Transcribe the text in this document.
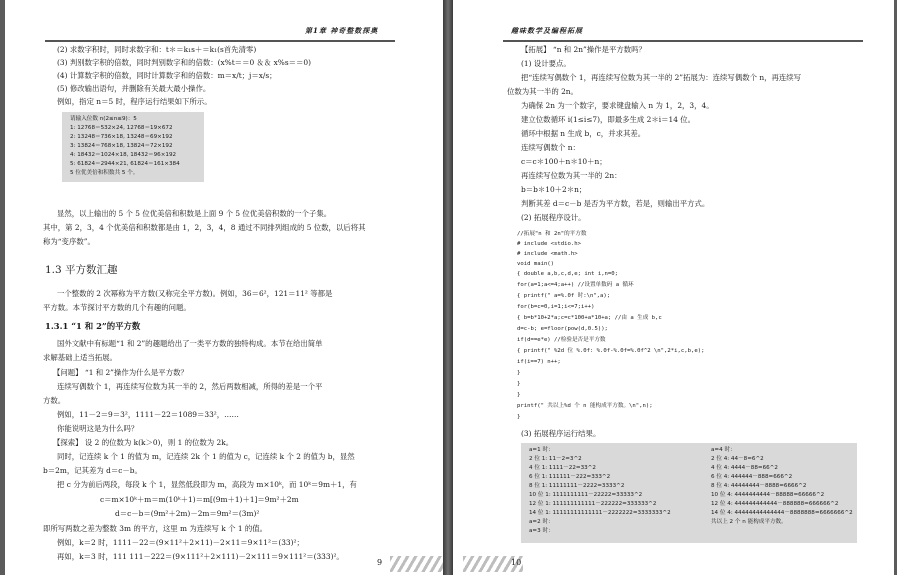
第1章 神奇整数探奥
(2) 求数字积时，同时求数字和：t＊＝k₁s＋＝k₁(s首先清零)
(3) 判别数字积的倍数，同时判别数字和的倍数：(x%t＝＝0 ＆＆ x%s＝＝0)
(4) 计算数字积的倍数，同时计算数字和的倍数：m＝x/t；j＝x/s；
(5) 修改输出语句，并删除有关最大最小操作。
例如，指定 n＝5 时，程序运行结果如下所示。
请输入位数 n(2≤n≤9)：5
1: 12768＝532×24, 12768＝19×672
2: 13248＝736×18, 13248＝69×192
3: 13824＝768×18, 13824＝72×192
4: 18432＝1024×18, 18432＝96×192
5: 61824＝2944×21, 61824＝161×384
5 位优美倍和积数共 5 个。
显然，以上输出的 5 个 5 位优美倍和积数是上面 9 个 5 位优美倍积数的一个子集。
其中，第 2，3，4 个优美倍和积数都是由 1，2，3，4，8 通过不同排列组成的 5 位数，以后将其
称为“变序数”。
1.3 平方数汇趣
一个整数的 2 次幂称为平方数(又称完全平方数)。例如，36＝6²，121＝11² 等都是
平方数。本节探讨平方数的几个有趣的问题。
1.3.1 “1 和 2”的平方数
国外文献中有标题“1 和 2”的趣题给出了一类平方数的独特构成。本节在给出简单
求解基础上适当拓展。
【问题】 “1 和 2”操作为什么是平方数？
连续写偶数个 1，再连续写位数为其一半的 2，然后两数相减，所得的差是一个平
方数。
例如，11－2＝9＝3²，1111－22＝1089＝33²，……
你能说明这是为什么吗？
【探索】 设 2 的位数为 k(k＞0)，则 1 的位数为 2k。
同时，记连续 k 个 1 的值为 m，记连续 2k 个 1 的值为 c，记连续 k 个 2 的值为 b，显然
b＝2m，记其差为 d＝c－b。
把 c 分为前后两段，每段 k 个 1，显然低段即为 m，高段为 m×10ᵏ，而 10ᵏ＝9m＋1，有
c＝m×10ᵏ＋m＝m(10ᵏ＋1)＝m[(9m＋1)＋1]＝9m²＋2m
d＝c－b＝(9m²＋2m)－2m＝9m²＝(3m)²
即所写两数之差为整数 3m 的平方，这里 m 为连续写 k 个 1 的值。
例如，k＝2 时，1111－22＝(9×11²＋2×11)－2×11＝9×11²＝(33)²；
再如，k＝3 时，111 111－222＝(9×111²＋2×111)－2×111＝9×111²＝(333)²。
9
趣味数学及编程拓展
【拓展】 “n 和 2n”操作是平方数吗？
(1) 设计要点。
把“连续写偶数个 1，再连续写位数为其一半的 2”拓展为：连续写偶数个 n，再连续写
位数为其一半的 2n。
为确保 2n 为一个数字，要求键盘输入 n 为 1，2，3，4。
建立位数循环 i(1≤i≤7)，即最多生成 2＊i＝14 位。
循环中根据 n 生成 b，c，并求其差。
连续写偶数个 n：
c＝c＊100＋n＊10＋n；
再连续写位数为其一半的 2n：
b＝b＊10＋2＊n；
判断其差 d＝c－b 是否为平方数，若是，则输出平方式。
(2) 拓展程序设计。
//拓展"n 和 2n"的平方数
# include <stdio.h>
# include <math.h>
void main()
{ double a,b,c,d,e; int i,n=0;
for(a=1;a<=4;a++) //设置单数码 a 循环
{ printf(" a=%.0f 时:\n",a);
for(b=c=0,i=1;i<=7;i++)
{ b=b*10+2*a;c=c*100+a*10+a; //由 a 生成 b,c
d=c-b; e=floor(pow(d,0.5));
if(d==e*e) //检验是否是平方数
{ printf(" %2d 位 %.0f: %.0f-%.0f=%.0f^2 \n",2*i,c,b,e);
if(i==7) n++;
}
}
}
printf(" 共以上%d 个 n 能构成平方数。\n",n);
}
(3) 拓展程序运行结果。
a=1 时：
2 位 1: 11－2=3^2
4 位 1: 1111－22=33^2
6 位 1: 111111－222=333^2
8 位 1: 11111111－2222=3333^2
10 位 1: 1111111111－22222=33333^2
12 位 1: 111111111111－222222=333333^2
14 位 1: 11111111111111－2222222=3333333^2
a=2 时：
a=3 时：
a=4 时：
2 位 4: 44－8=6^2
4 位 4: 4444－88=66^2
6 位 4: 444444－888=666^2
8 位 4: 44444444－8888=6666^2
10 位 4: 4444444444－88888=66666^2
12 位 4: 444444444444－888888=666666^2
14 位 4: 44444444444444－8888888=6666666^2
共以上 2 个 n 能构成平方数。
10
